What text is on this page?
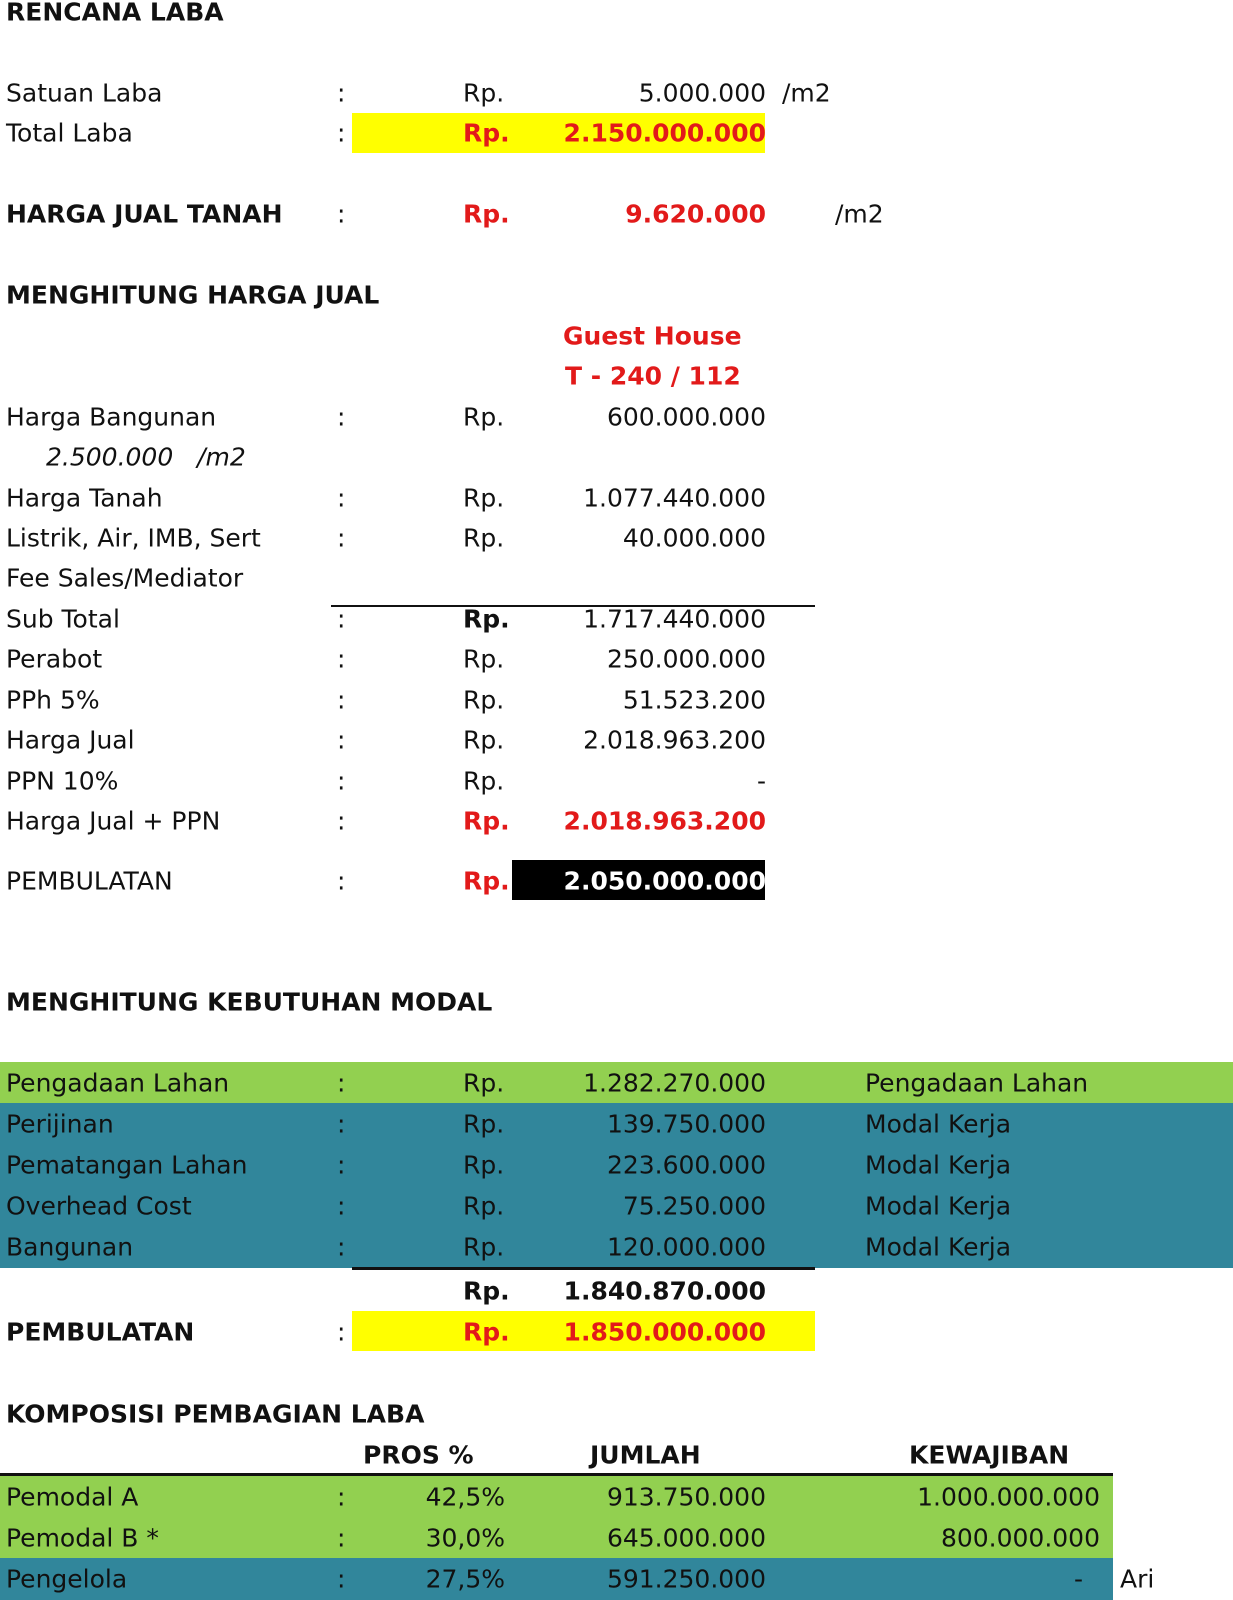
RENCANA LABA
Satuan Laba	:	Rp.	5.000.000 /m2
Total Laba	:	Rp. 2.150.000.000
HARGA JUAL TANAH :	Rp.	9.620.000	/m2
MENGHITUNG HARGA JUAL
Guest House
T - 240 / 112
Harga Bangunan	:	Rp.	600.000.000
2.500.000   /m2
Harga Tanah	:	Rp.	1.077.440.000
Listrik, Air, IMB, Sert	:	Rp.	40.000.000
Fee Sales/Mediator
Sub Total	:	Rp.	1.717.440.000
Perabot	:	Rp.	250.000.000
PPh 5%	:	Rp.	51.523.200
Harga Jual	:	Rp.	2.018.963.200
PPN 10%	:	Rp.	-
Harga Jual + PPN	:	Rp. 2.018.963.200
PEMBULATAN	:	Rp. 2.050.000.000
MENGHITUNG KEBUTUHAN MODAL
Pengadaan Lahan	:	Rp.	1.282.270.000	Pengadaan Lahan
Perijinan	:	Rp.	139.750.000	Modal Kerja
Pematangan Lahan	:	Rp.	223.600.000	Modal Kerja
Overhead Cost	:	Rp.	75.250.000	Modal Kerja
Bangunan	:	Rp.	120.000.000	Modal Kerja
Rp. 1.840.870.000
PEMBULATAN	:	Rp. 1.850.000.000
KOMPOSISI PEMBAGIAN LABA
PROS %	JUMLAH	KEWAJIBAN
Pemodal A	:	42,5%	913.750.000	1.000.000.000
Pemodal B *	:	30,0%	645.000.000	800.000.000
Pengelola	:	27,5%	591.250.000	- Ari
